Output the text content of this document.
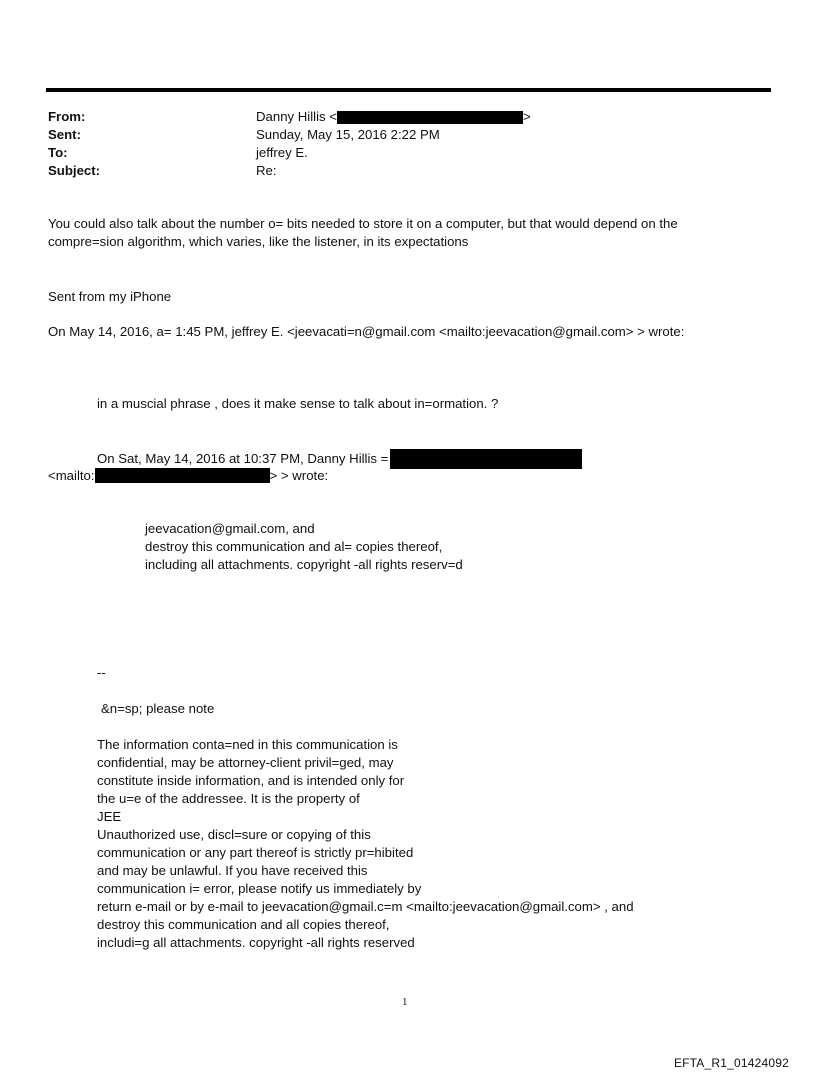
From:	Danny Hillis <	>
Sent:	Sunday, May 15, 2016 2:22 PM
To:	jeffrey E.
Subject:	Re:
You could also talk about the number o= bits needed to store it on a computer, but that would depend on the
compre=sion algorithm, which varies, like the listener, in its expectations
Sent from my iPhone
On May 14, 2016, a= 1:45 PM, jeffrey E. <jeevacati=n@gmail.com <mailto:jeevacation@gmail.com> > wrote:
in a muscial phrase , does it make sense to talk about in=ormation. ?
On Sat, May 14, 2016 at 10:37 PM, Danny Hillis =
<mailto:	> > wrote:
jeevacation@gmail.com, and
destroy this communication and al= copies thereof,
including all attachments. copyright -all rights reserv=d
--
&n=sp; please note
The information conta=ned in this communication is
confidential, may be attorney-client privil=ged, may
constitute inside information, and is intended only for
the u=e of the addressee. It is the property of
JEE
Unauthorized use, discl=sure or copying of this
communication or any part thereof is strictly pr=hibited
and may be unlawful. If you have received this
communication i= error, please notify us immediately by
return e-mail or by e-mail to jeevacation@gmail.c=m <mailto:jeevacation@gmail.com> , and
destroy this communication and all copies thereof,
includi=g all attachments. copyright -all rights reserved
1
EFTA_R1_01424092
